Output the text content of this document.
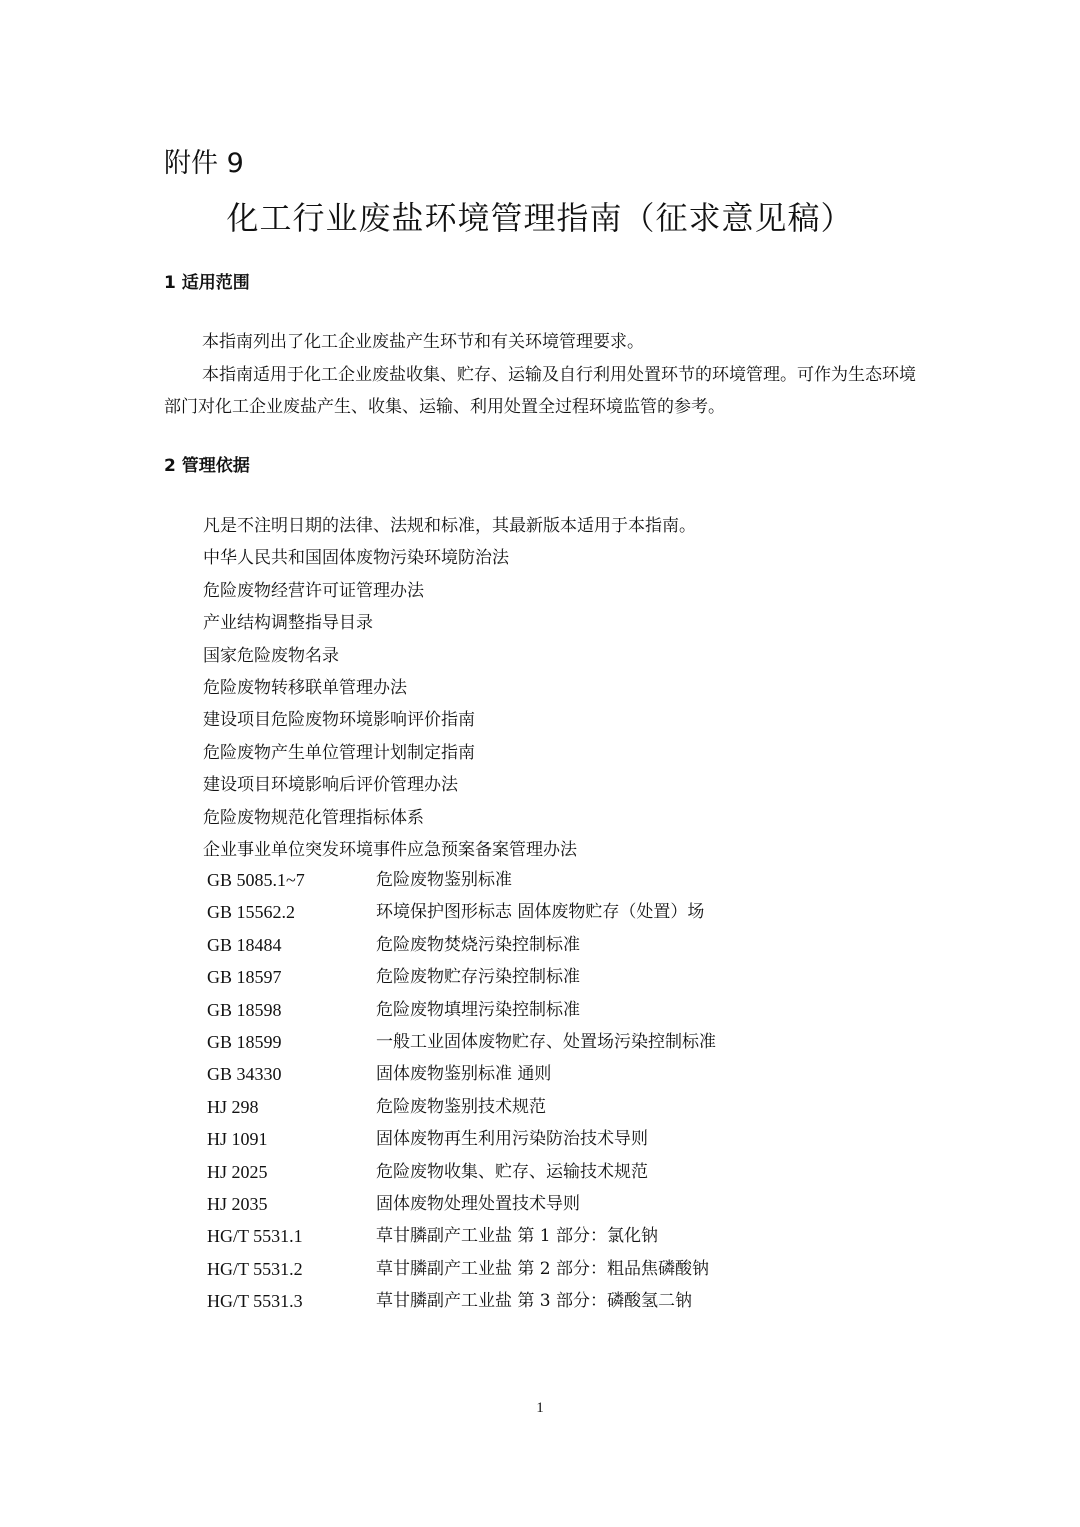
附件 9
化工行业废盐环境管理指南（征求意见稿）
1 适用范围
本指南列出了化工企业废盐产生环节和有关环境管理要求。
本指南适用于化工企业废盐收集、贮存、运输及自行利用处置环节的环境管理。可作为生态环境部门对化工企业废盐产生、收集、运输、利用处置全过程环境监管的参考。
2 管理依据
凡是不注明日期的法律、法规和标准，其最新版本适用于本指南。
中华人民共和国固体废物污染环境防治法
危险废物经营许可证管理办法
产业结构调整指导目录
国家危险废物名录
危险废物转移联单管理办法
建设项目危险废物环境影响评价指南
危险废物产生单位管理计划制定指南
建设项目环境影响后评价管理办法
危险废物规范化管理指标体系
企业事业单位突发环境事件应急预案备案管理办法
GB 5085.1~7	危险废物鉴别标准
GB 15562.2	环境保护图形标志 固体废物贮存（处置）场
GB 18484	危险废物焚烧污染控制标准
GB 18597	危险废物贮存污染控制标准
GB 18598	危险废物填埋污染控制标准
GB 18599	一般工业固体废物贮存、处置场污染控制标准
GB 34330	固体废物鉴别标准 通则
HJ 298	危险废物鉴别技术规范
HJ 1091	固体废物再生利用污染防治技术导则
HJ 2025	危险废物收集、贮存、运输技术规范
HJ 2035	固体废物处理处置技术导则
HG/T 5531.1	草甘膦副产工业盐 第 1 部分：氯化钠
HG/T 5531.2	草甘膦副产工业盐 第 2 部分：粗品焦磷酸钠
HG/T 5531.3	草甘膦副产工业盐 第 3 部分：磷酸氢二钠
1
